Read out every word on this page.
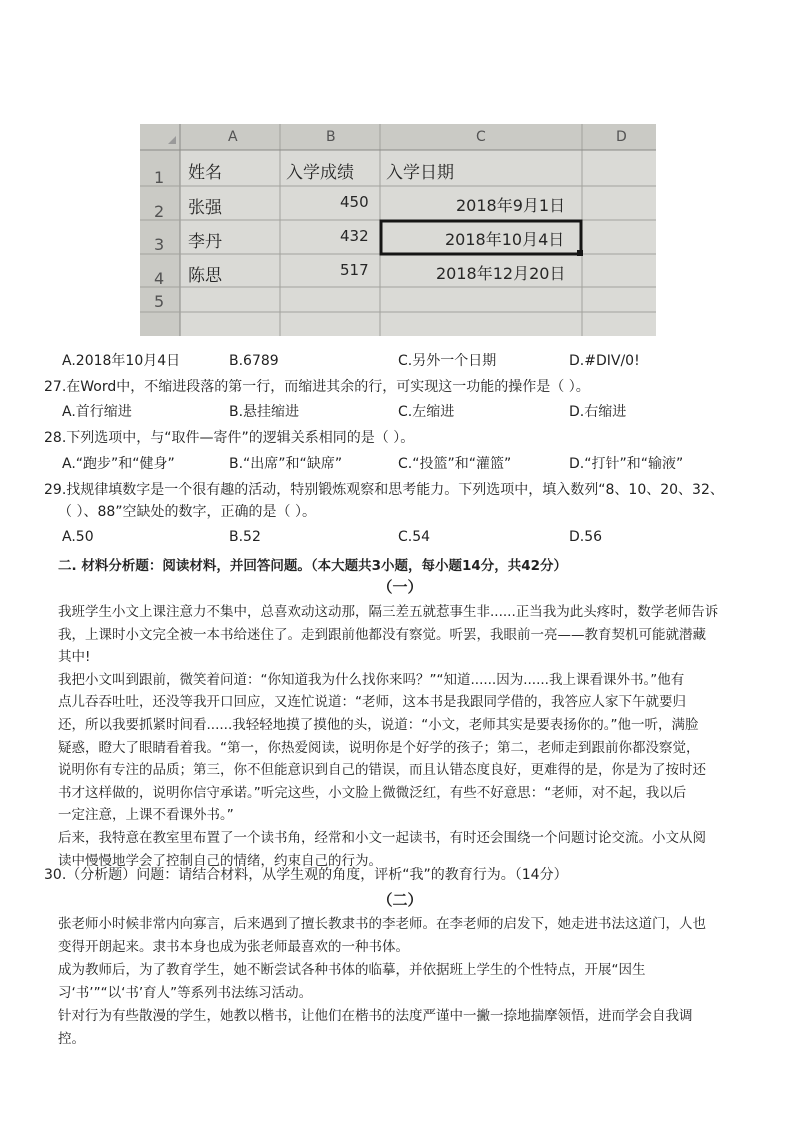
A	B	C	D
1
2
3
4
5
姓名	入学成绩 入学日期
张强	450	2018年9月1日
李丹	432	2018年10月4日
陈思	517	2018年12月20日
A.2018年10月4日	B.6789	C.另外一个日期	D.#DIV/0!
27.在Word中，不缩进段落的第一行，而缩进其余的行，可实现这一功能的操作是（ ）。
A.首行缩进	B.悬挂缩进	C.左缩进	D.右缩进
28.下列选项中，与“取件—寄件”的逻辑关系相同的是（ ）。
A.“跑步”和“健身”	B.“出席”和“缺席”	C.“投篮”和“灌篮”	D.“打针”和“输液”
29.找规律填数字是一个很有趣的活动，特别锻炼观察和思考能力。下列选项中，填入数列“8、10、20、32、
（ ）、88”空缺处的数字，正确的是（ ）。
A.50	B.52	C.54	D.56
二. 材料分析题：阅读材料，并回答问题。（本大题共3小题，每小题14分，共42分）
（一）
我班学生小文上课注意力不集中，总喜欢动这动那，隔三差五就惹事生非......正当我为此头疼时，数学老师告诉
我，上课时小文完全被一本书给迷住了。走到跟前他都没有察觉。听罢，我眼前一亮——教育契机可能就潜藏
其中!
我把小文叫到跟前，微笑着问道：“你知道我为什么找你来吗？”“知道......因为......我上课看课外书。”他有
点儿吞吞吐吐，还没等我开口回应，又连忙说道：“老师，这本书是我跟同学借的，我答应人家下午就要归
还，所以我要抓紧时间看......我轻轻地摸了摸他的头，说道：“小文，老师其实是要表扬你的。”他一听，满脸
疑惑，瞪大了眼睛看着我。“第一，你热爱阅读，说明你是个好学的孩子；第二，老师走到跟前你都没察觉，
说明你有专注的品质；第三，你不但能意识到自己的错误，而且认错态度良好，更难得的是，你是为了按时还
书才这样做的，说明你信守承诺。”听完这些，小文脸上微微泛红，有些不好意思：“老师，对不起，我以后
一定注意，上课不看课外书。”
后来，我特意在教室里布置了一个读书角，经常和小文一起读书，有时还会围绕一个问题讨论交流。小文从阅
读中慢慢地学会了控制自己的情绪，约束自己的行为。
30.（分析题）问题：请结合材料，从学生观的角度，评析“我”的教育行为。（14分）
（二）
张老师小时候非常内向寡言，后来遇到了擅长教隶书的李老师。在李老师的启发下，她走进书法这道门，人也
变得开朗起来。隶书本身也成为张老师最喜欢的一种书体。
成为教师后，为了教育学生，她不断尝试各种书体的临摹，并依据班上学生的个性特点，开展“因生
习‘书’”“以‘书’育人”等系列书法练习活动。
针对行为有些散漫的学生，她教以楷书，让他们在楷书的法度严谨中一撇一捺地揣摩领悟，进而学会自我调
控。
